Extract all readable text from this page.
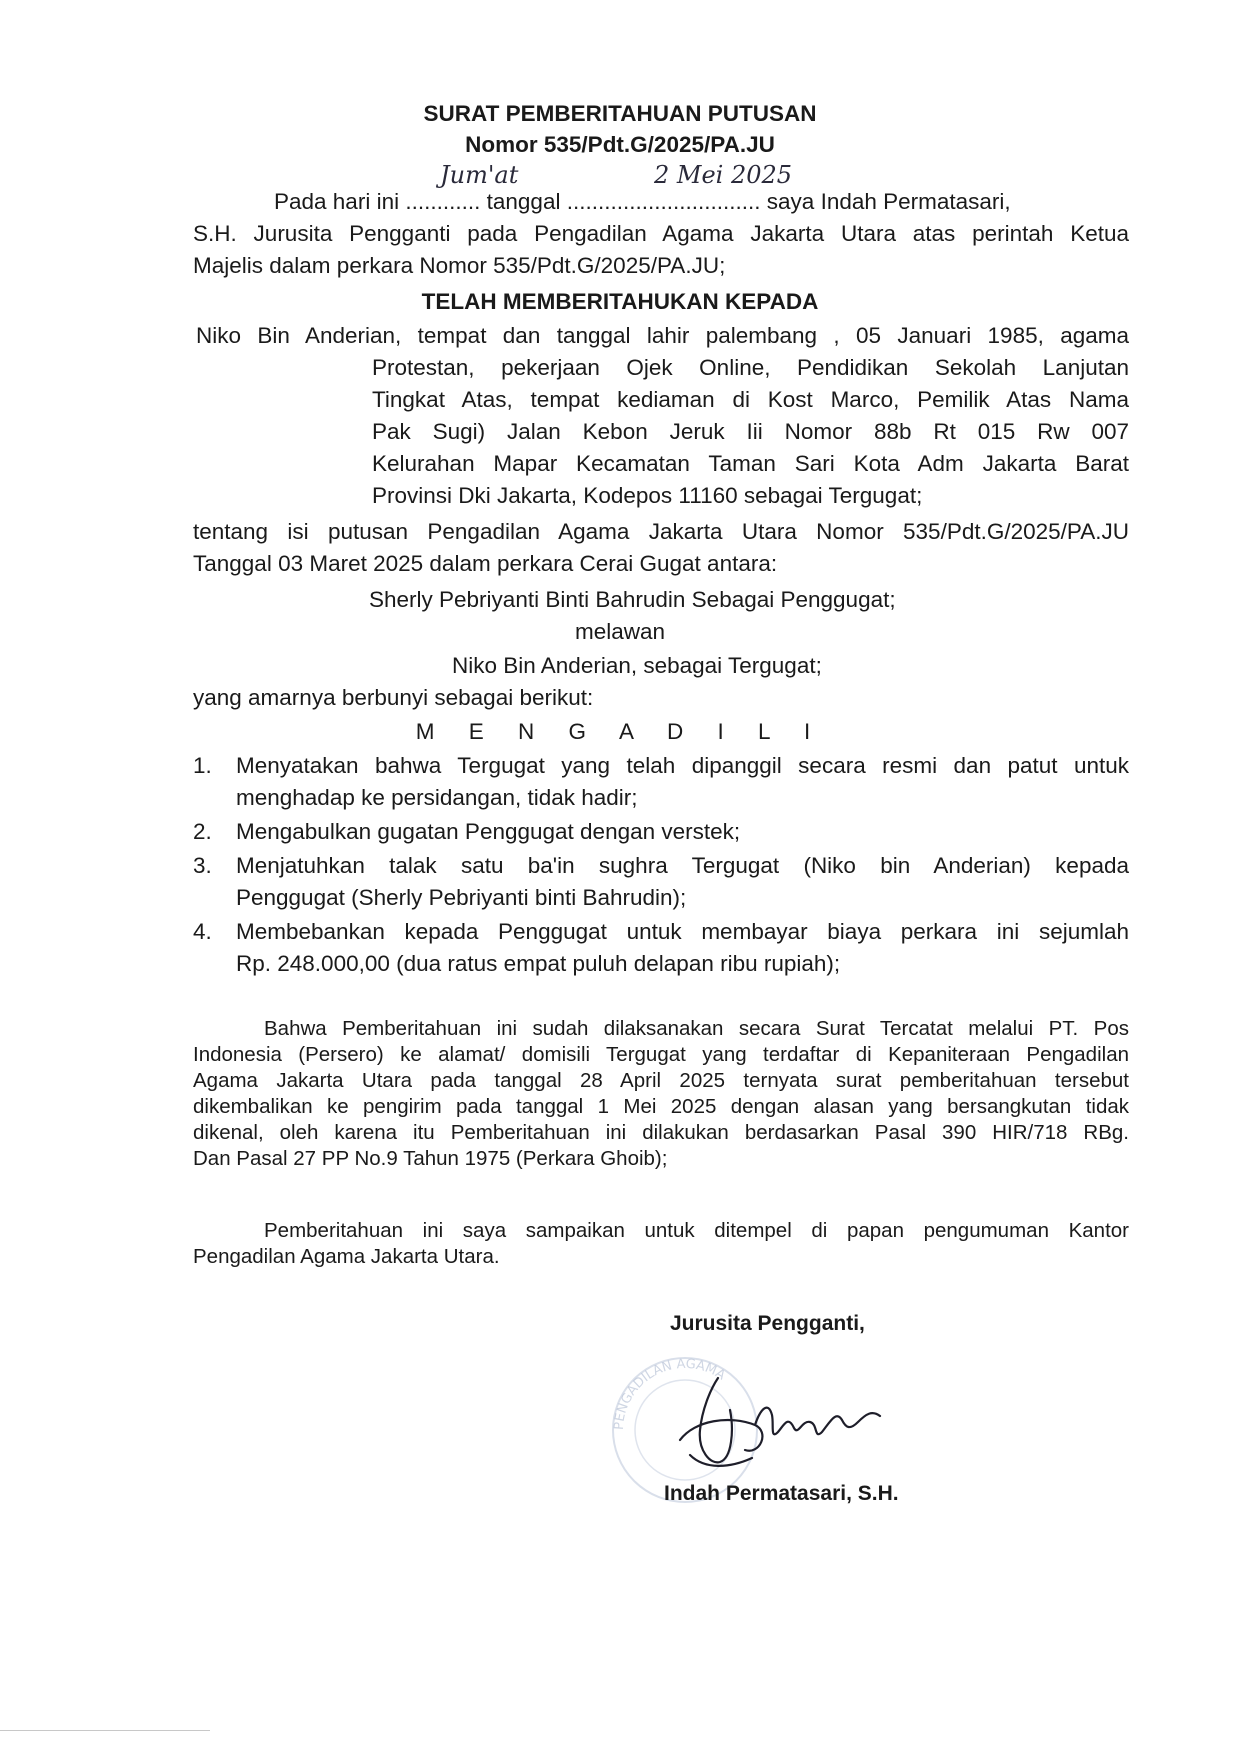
SURAT PEMBERITAHUAN PUTUSAN
Nomor 535/Pdt.G/2025/PA.JU
Pada hari ini ............ tanggal ............................... saya Indah Permatasari,
Jum'at	2 Mei 2025
S.H. Jurusita Pengganti pada Pengadilan Agama Jakarta Utara atas perintah Ketua
Majelis dalam perkara Nomor 535/Pdt.G/2025/PA.JU;
TELAH MEMBERITAHUKAN KEPADA
Niko Bin Anderian, tempat dan tanggal lahir palembang , 05 Januari 1985, agama
Protestan, pekerjaan Ojek Online, Pendidikan Sekolah Lanjutan
Tingkat Atas, tempat kediaman di Kost Marco, Pemilik Atas Nama
Pak Sugi) Jalan Kebon Jeruk Iii Nomor 88b Rt 015 Rw 007
Kelurahan Mapar Kecamatan Taman Sari Kota Adm Jakarta Barat
Provinsi Dki Jakarta, Kodepos 11160 sebagai Tergugat;
tentang isi putusan Pengadilan Agama Jakarta Utara Nomor 535/Pdt.G/2025/PA.JU
Tanggal 03 Maret 2025 dalam perkara Cerai Gugat antara:
Sherly Pebriyanti Binti Bahrudin Sebagai Penggugat;
melawan
Niko Bin Anderian, sebagai Tergugat;
yang amarnya berbunyi sebagai berikut:
M E N G A D I L I
1. Menyatakan bahwa Tergugat yang telah dipanggil secara resmi dan patut untuk
menghadap ke persidangan, tidak hadir;
2. Mengabulkan gugatan Penggugat dengan verstek;
3. Menjatuhkan talak satu ba'in sughra Tergugat (Niko bin Anderian) kepada
Penggugat (Sherly Pebriyanti binti Bahrudin);
4. Membebankan kepada Penggugat untuk membayar biaya perkara ini sejumlah
Rp. 248.000,00 (dua ratus empat puluh delapan ribu rupiah);
Bahwa Pemberitahuan ini sudah dilaksanakan secara Surat Tercatat melalui PT. Pos
Indonesia (Persero) ke alamat/ domisili Tergugat yang terdaftar di Kepaniteraan Pengadilan
Agama Jakarta Utara pada tanggal 28 April 2025 ternyata surat pemberitahuan tersebut
dikembalikan ke pengirim pada tanggal 1 Mei 2025 dengan alasan yang bersangkutan tidak
dikenal, oleh karena itu Pemberitahuan ini dilakukan berdasarkan Pasal 390 HIR/718 RBg.
Dan Pasal 27 PP No.9 Tahun 1975 (Perkara Ghoib);
Pemberitahuan ini saya sampaikan untuk ditempel di papan pengumuman Kantor
Pengadilan Agama Jakarta Utara.
Jurusita Pengganti,
PENGADILAN AGAMA
Indah Permatasari, S.H.
